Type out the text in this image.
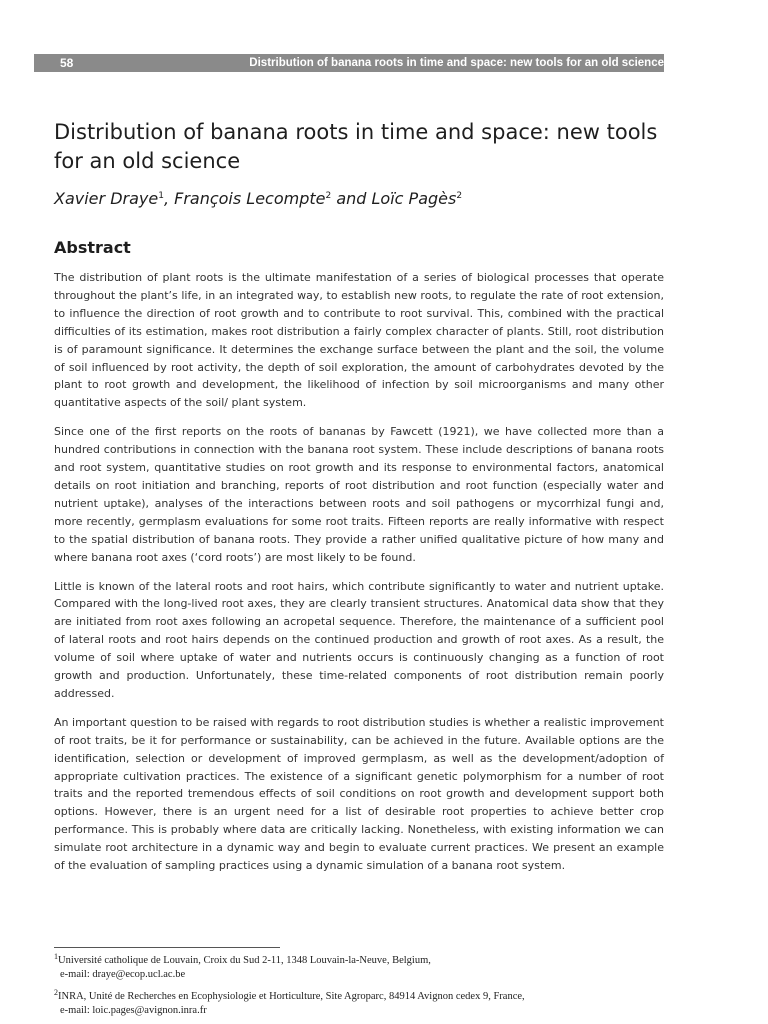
58	Distribution of banana roots in time and space: new tools for an old science
Distribution of banana roots in time and space: new tools for an old science
Xavier Draye$^1$, François Lecompte$^2$ and Loïc Pagès$^2$
Abstract

The distribution of plant roots is the ultimate manifestation of a series of biological processes that operate throughout the plant’s life, in an integrated way, to establish new roots, to regulate the rate of root extension, to influence the direction of root growth and to contribute to root survival. This, combined with the practical difficulties of its estimation, makes root distribution a fairly complex character of plants. Still, root distribution is of paramount significance. It determines the exchange surface between the plant and the soil, the volume of soil influenced by root activity, the depth of soil exploration, the amount of carbohydrates devoted by the plant to root growth and development, the likelihood of infection by soil microorganisms and many other quantitative aspects of the soil/ plant system.

Since one of the first reports on the roots of bananas by Fawcett (1921), we have collected more than a hundred contributions in connection with the banana root system. These include descriptions of banana roots and root system, quantitative studies on root growth and its response to environmental factors, anatomical details on root initiation and branching, reports of root distribution and root function (especially water and nutrient uptake), analyses of the interactions between roots and soil pathogens or mycorrhizal fungi and, more recently, germplasm evaluations for some root traits. Fifteen reports are really informative with respect to the spatial distribution of banana roots. They provide a rather unified qualitative picture of how many and where banana root axes (‘cord roots’) are most likely to be found.

Little is known of the lateral roots and root hairs, which contribute significantly to water and nutrient uptake. Compared with the long-lived root axes, they are clearly transient structures. Anatomical data show that they are initiated from root axes following an acropetal sequence. Therefore, the maintenance of a sufficient pool of lateral roots and root hairs depends on the continued production and growth of root axes. As a result, the volume of soil where uptake of water and nutrients occurs is continuously changing as a function of root growth and production. Unfortunately, these time-related components of root distribution remain poorly addressed.

An important question to be raised with regards to root distribution studies is whether a realistic improvement of root traits, be it for performance or sustainability, can be achieved in the future. Available options are the identification, selection or development of improved germplasm, as well as the development/adoption of appropriate cultivation practices. The existence of a significant genetic polymorphism for a number of root traits and the reported tremendous effects of soil conditions on root growth and development support both options. However, there is an urgent need for a list of desirable root properties to achieve better crop performance. This is probably where data are critically lacking. Nonetheless, with existing information we can simulate root architecture in a dynamic way and begin to evaluate current practices. We present an example of the evaluation of sampling practices using a dynamic simulation of a banana root system.

$^1$Université catholique de Louvain, Croix du Sud 2-11, 1348 Louvain-la-Neuve, Belgium,
e-mail: draye@ecop.ucl.ac.be
$^2$INRA, Unité de Recherches en Ecophysiologie et Horticulture, Site Agroparc, 84914 Avignon cedex 9, France,
e-mail: loic.pages@avignon.inra.fr
